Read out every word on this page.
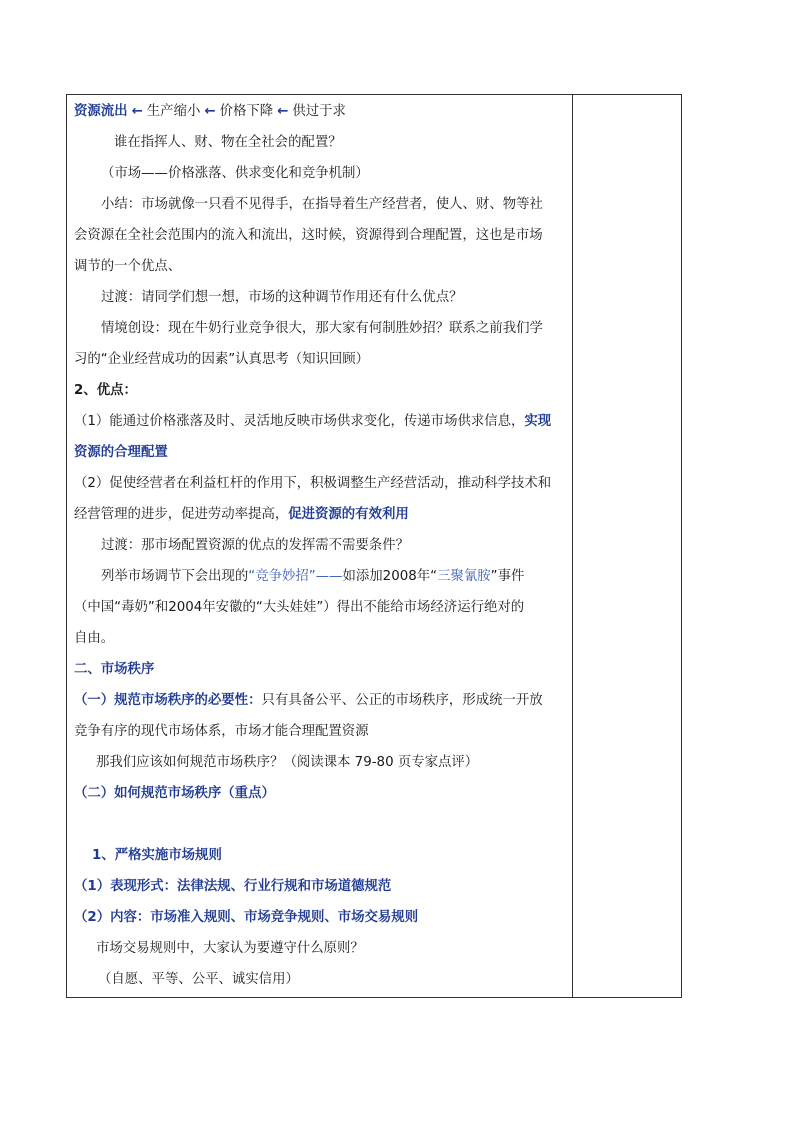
资源流出 ← 生产缩小 ← 价格下降 ← 供过于求

谁在指挥人、财、物在全社会的配置？

（市场——价格涨落、供求变化和竞争机制）

小结：市场就像一只看不见得手，在指导着生产经营者，使人、财、物等社

会资源在全社会范围内的流入和流出，这时候，资源得到合理配置，这也是市场

调节的一个优点、

过渡：请同学们想一想，市场的这种调节作用还有什么优点？

情境创设：现在牛奶行业竞争很大，那大家有何制胜妙招？联系之前我们学

习的“企业经营成功的因素”认真思考（知识回顾）

2、优点：

（1）能通过价格涨落及时、灵活地反映市场供求变化，传递市场供求信息，实现

资源的合理配置

（2）促使经营者在利益杠杆的作用下，积极调整生产经营活动，推动科学技术和

经营管理的进步，促进劳动率提高，促进资源的有效利用

过渡：那市场配置资源的优点的发挥需不需要条件？

列举市场调节下会出现的“竞争妙招”——如添加2008年“三聚氰胺”事件

（中国“毒奶”和2004年安徽的“大头娃娃”）得出不能给市场经济运行绝对的

自由。

二、市场秩序

（一）规范市场秩序的必要性：只有具备公平、公正的市场秩序，形成统一开放

竞争有序的现代市场体系，市场才能合理配置资源

那我们应该如何规范市场秩序？（阅读课本 79-80 页专家点评）

（二）如何规范市场秩序（重点）

1、严格实施市场规则

（1）表现形式：法律法规、行业行规和市场道德规范

（2）内容：市场准入规则、市场竞争规则、市场交易规则

市场交易规则中，大家认为要遵守什么原则？

（自愿、平等、公平、诚实信用）
